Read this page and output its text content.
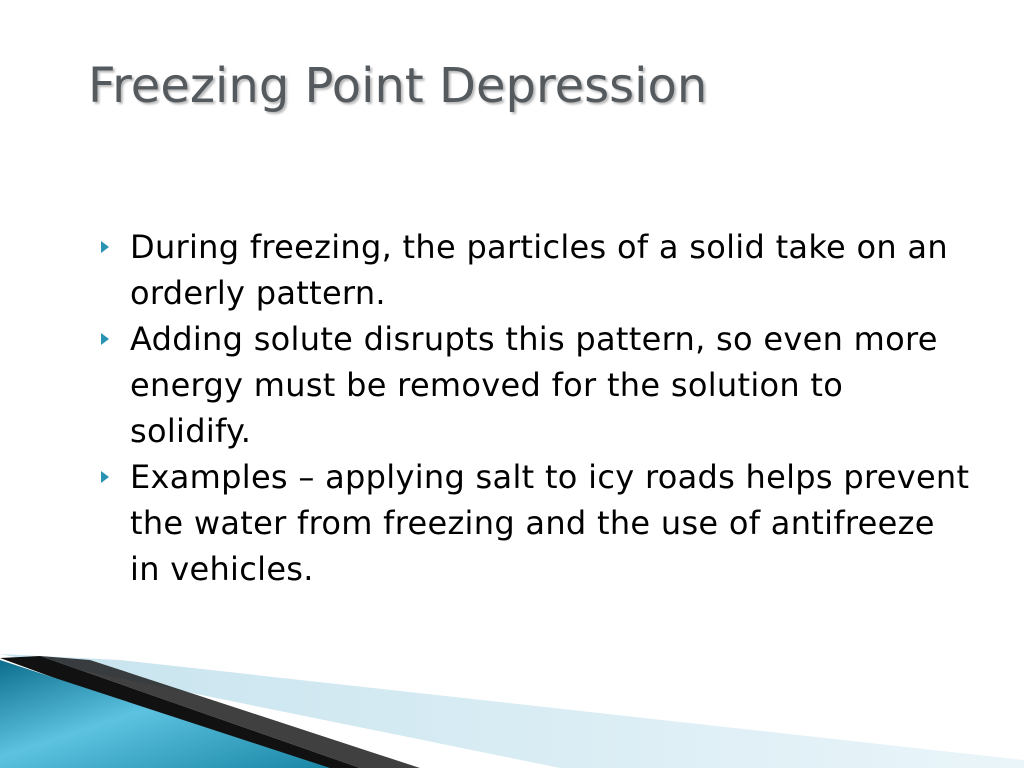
Freezing Point Depression
During freezing, the particles of a solid take on an orderly pattern.
Adding solute disrupts this pattern, so even more energy must be removed for the solution to solidify.
Examples – applying salt to icy roads helps prevent the water from freezing and the use of antifreeze in vehicles.
